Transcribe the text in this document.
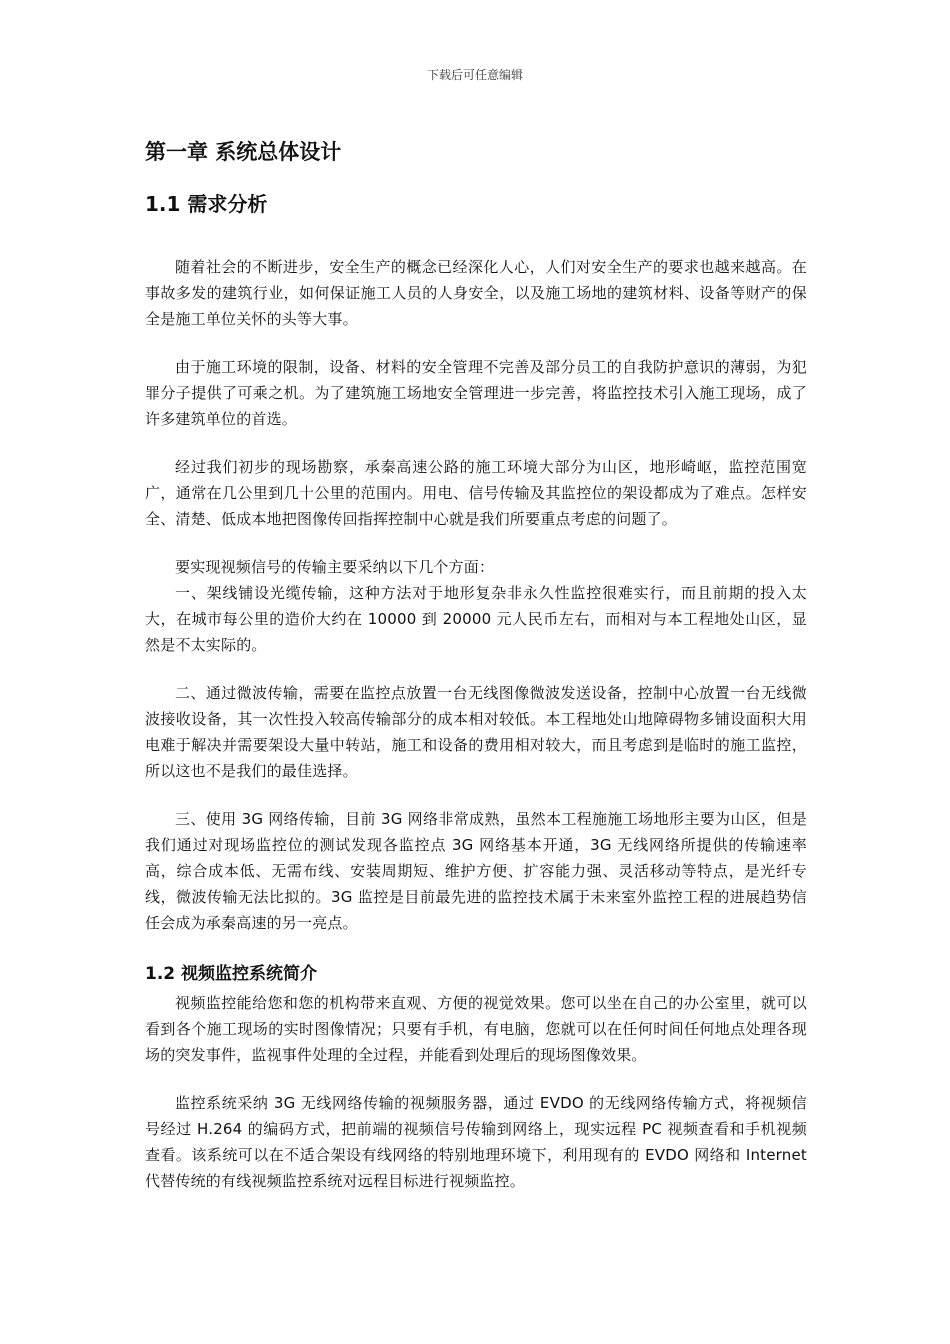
下载后可任意编辑
第一章 系统总体设计
1.1 需求分析

随着社会的不断进步，安全生产的概念已经深化人心，人们对安全生产的要求也越来越高。在事故多发的建筑行业，如何保证施工人员的人身安全，以及施工场地的建筑材料、设备等财产的保全是施工单位关怀的头等大事。

由于施工环境的限制，设备、材料的安全管理不完善及部分员工的自我防护意识的薄弱，为犯罪分子提供了可乘之机。为了建筑施工场地安全管理进一步完善，将监控技术引入施工现场，成了许多建筑单位的首选。

经过我们初步的现场勘察，承秦高速公路的施工环境大部分为山区，地形崎岖，监控范围宽广，通常在几公里到几十公里的范围内。用电、信号传输及其监控位的架设都成为了难点。怎样安全、清楚、低成本地把图像传回指挥控制中心就是我们所要重点考虑的问题了。

要实现视频信号的传输主要采纳以下几个方面：

一、架线铺设光缆传输，这种方法对于地形复杂非永久性监控很难实行，而且前期的投入太大，在城市每公里的造价大约在 10000 到 20000 元人民币左右，而相对与本工程地处山区，显然是不太实际的。

二、通过微波传输，需要在监控点放置一台无线图像微波发送设备，控制中心放置一台无线微波接收设备，其一次性投入较高传输部分的成本相对较低。本工程地处山地障碍物多铺设面积大用电难于解决并需要架设大量中转站，施工和设备的费用相对较大，而且考虑到是临时的施工监控，所以这也不是我们的最佳选择。

三、使用 3G 网络传输，目前 3G 网络非常成熟，虽然本工程施施工场地形主要为山区，但是我们通过对现场监控位的测试发现各监控点 3G 网络基本开通，3G 无线网络所提供的传输速率高，综合成本低、无需布线、安装周期短、维护方便、扩容能力强、灵活移动等特点，是光纤专线，微波传输无法比拟的。3G 监控是目前最先进的监控技术属于未来室外监控工程的进展趋势信任会成为承秦高速的另一亮点。

1.2 视频监控系统简介

视频监控能给您和您的机构带来直观、方便的视觉效果。您可以坐在自己的办公室里，就可以看到各个施工现场的实时图像情况；只要有手机，有电脑，您就可以在任何时间任何地点处理各现场的突发事件，监视事件处理的全过程，并能看到处理后的现场图像效果。

监控系统采纳 3G 无线网络传输的视频服务器，通过 EVDO 的无线网络传输方式，将视频信号经过 H.264 的编码方式，把前端的视频信号传输到网络上，现实远程 PC 视频查看和手机视频查看。该系统可以在不适合架设有线网络的特别地理环境下，利用现有的 EVDO 网络和 Internet 代替传统的有线视频监控系统对远程目标进行视频监控。
